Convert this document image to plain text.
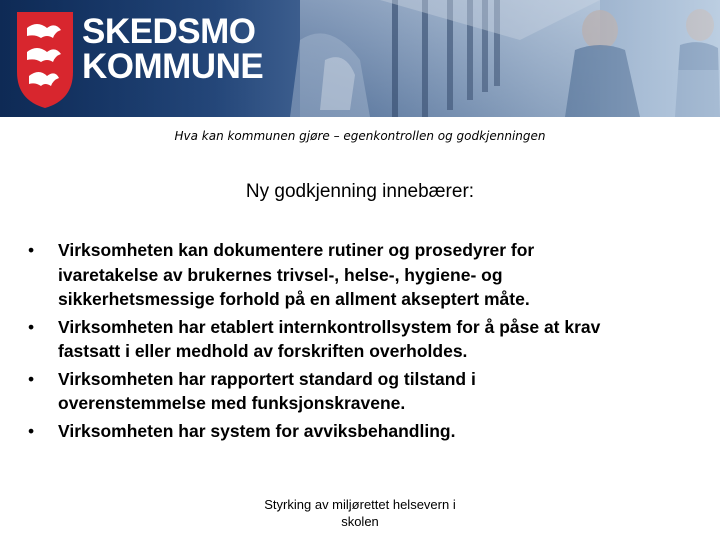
SKEDSMO
KOMMUNE
Hva kan kommunen gjøre – egenkontrollen og godkjenningen
Ny godkjenning innebærer:
• Virksomheten kan dokumentere rutiner og prosedyrer for
ivaretakelse av brukernes trivsel-, helse-, hygiene- og
sikkerhetsmessige forhold på en allment akseptert måte.
• Virksomheten har etablert internkontrollsystem for å påse at krav
fastsatt i eller medhold av forskriften overholdes.
• Virksomheten har rapportert standard og tilstand i
overenstemmelse med funksjonskravene.
• Virksomheten har system for avviksbehandling.
Styrking av miljørettet helsevern i
skolen
